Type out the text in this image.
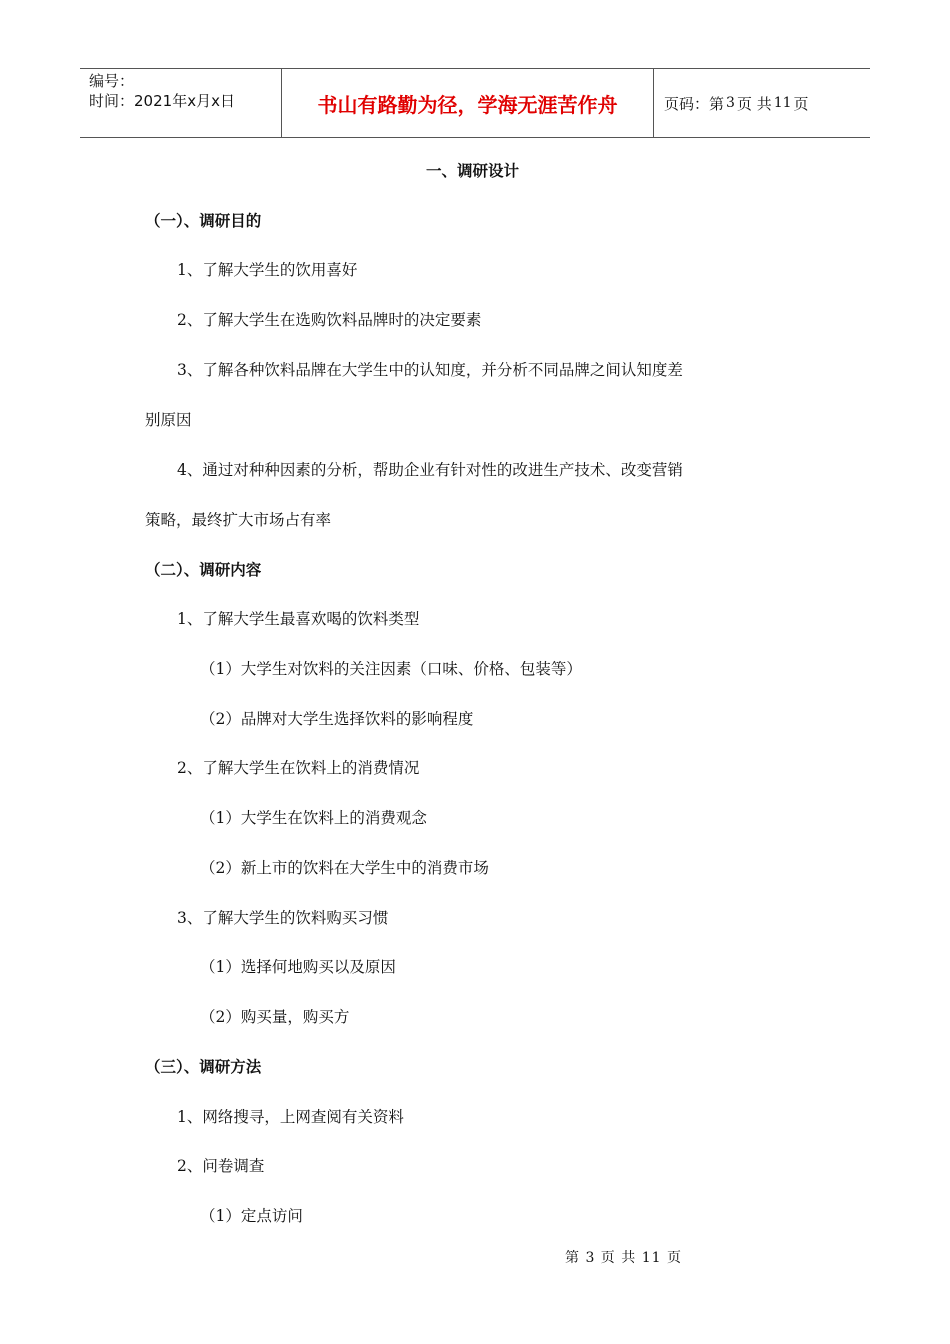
编号：
时间：2021年x月x日	书山有路勤为径，学海无涯苦作舟	页码：第 3 页 共 11 页
一、调研设计
（一）、调研目的
1、了解大学生的饮用喜好
2、了解大学生在选购饮料品牌时的决定要素
3、了解各种饮料品牌在大学生中的认知度，并分析不同品牌之间认知度差
别原因
4、通过对种种因素的分析，帮助企业有针对性的改进生产技术、改变营销
策略，最终扩大市场占有率
（二）、调研内容
1、了解大学生最喜欢喝的饮料类型
（1）大学生对饮料的关注因素（口味、价格、包装等）
（2）品牌对大学生选择饮料的影响程度
2、了解大学生在饮料上的消费情况
（1）大学生在饮料上的消费观念
（2）新上市的饮料在大学生中的消费市场
3、了解大学生的饮料购买习惯
（1）选择何地购买以及原因
（2）购买量，购买方
（三）、调研方法
1、网络搜寻，上网查阅有关资料
2、问卷调查
（1）定点访问
第 3 页 共 11 页
